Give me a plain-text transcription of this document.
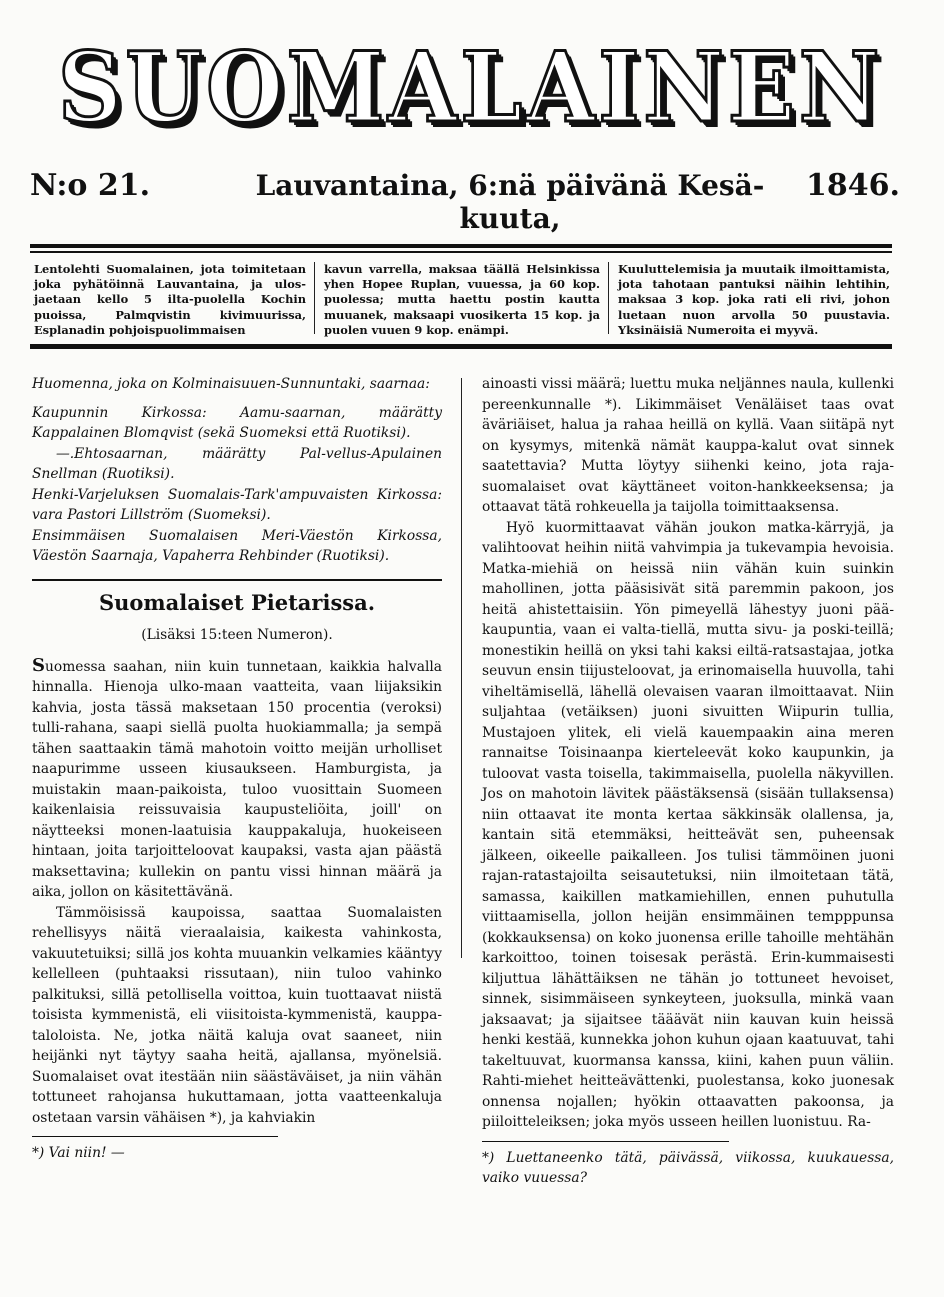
SUOMALAINEN
N:o 21.	Lauvantaina, 6:nä päivänä Kesä-kuuta,
1846.
Lentolehti Suomalainen, jota toimitetaan joka pyhätöinnä Lauvantaina, ja ulos-jaetaan kello 5 ilta-puolella Kochin puoissa, Palmqvistin kivimuurissa, Esplanadin pohjoispuolimmaisen
kavun varrella, maksaa täällä Helsinkissa yhen Hopee Ruplan, vuuessa, ja 60 kop. puolessa; mutta haettu postin kautta muuanek, maksaapi vuosikerta 15 kop. ja puolen vuuen 9 kop. enämpi.
Kuuluttelemisia ja muutaik ilmoittamista, jota tahotaan pantuksi näihin lehtihin, maksaa 3 kop. joka rati eli rivi, johon luetaan nuon arvolla 50 puustavia. Yksinäisiä Numeroita ei myyvä.

Huomenna, joka on Kolminaisuuen-Sunnuntaki, saarnaa:

Kaupunnin Kirkossa: Aamu-saarnan, määrätty Kappalainen Blomqvist (sekä Suomeksi että Ruotiksi).

—.Ehtosaarnan, määrätty Pal-vellus-Apulainen Snellman (Ruotiksi).

Henki-Varjeluksen Suomalais-Tark'ampuvaisten Kirkossa: vara Pastori Lillström (Suomeksi).

Ensimmäisen Suomalaisen Meri-Väestön Kirkossa, Väestön Saarnaja, Vapaherra Rehbinder (Ruotiksi).

Suomalaiset Pietarissa.
(Lisäksi 15:teen Numeron).

Suomessa saahan, niin kuin tunnetaan, kaikkia halvalla hinnalla. Hienoja ulko-maan vaatteita, vaan liijaksikin kahvia, josta tässä maksetaan 150 procentia (veroksi) tulli-rahana, saapi siellä puolta huokiammalla; ja sempä tähen saattaakin tämä mahotoin voitto meijän urholliset naapurimme usseen kiusaukseen. Hamburgista, ja muistakin maan-paikoista, tuloo vuosittain Suomeen kaikenlaisia reissuvaisia kaupusteliöita, joill' on näytteeksi monen-laatuisia kauppakaluja, huokeiseen hintaan, joita tarjoitteloovat kaupaksi, vasta ajan päästä maksettavina; kullekin on pantu vissi hinnan määrä ja aika, jollon on käsitettävänä.

Tämmöisissä kaupoissa, saattaa Suomalaisten rehellisyys näitä vieraalaisia, kaikesta vahinkosta, vakuutetuiksi; sillä jos kohta muuankin velkamies kääntyy kellelleen (puhtaaksi rissutaan), niin tuloo vahinko palkituksi, sillä petollisella voittoa, kuin tuottaavat niistä toisista kymmenistä, eli viisitoista-kymmenistä, kauppa-taloloista. Ne, jotka näitä kaluja ovat saaneet, niin heijänki nyt täytyy saaha heitä, ajallansa, myönelsiä. Suomalaiset ovat itestään niin säästäväiset, ja niin vähän tottuneet rahojansa hukuttamaan, jotta vaatteenkaluja ostetaan varsin vähäisen *), ja kahviakin

*) Vai niin! —

ainoasti vissi määrä; luettu muka neljännes naula, kullenki pereenkunnalle *). Likimmäiset Venäläiset taas ovat äväriäiset, halua ja rahaa heillä on kyllä. Vaan siitäpä nyt on kysymys, mitenkä nämät kauppa-kalut ovat sinnek saatettavia? Mutta löytyy siihenki keino, jota raja-suomalaiset ovat käyttäneet voiton-hankkeeksensa; ja ottaavat tätä rohkeuella ja taijolla toimittaaksensa.

Hyö kuormittaavat vähän joukon matka-kärryjä, ja valihtoovat heihin niitä vahvimpia ja tukevampia hevoisia. Matka-miehiä on heissä niin vähän kuin suinkin mahollinen, jotta pääsisivät sitä paremmin pakoon, jos heitä ahistettaisiin. Yön pimeyellä lähestyy juoni pää-kaupuntia, vaan ei valta-tiellä, mutta sivu- ja poski-teillä; monestikin heillä on yksi tahi kaksi eiltä-ratsastajaa, jotka seuvun ensin tiijusteloovat, ja erinomaisella huuvolla, tahi viheltämisellä, lähellä olevaisen vaaran ilmoittaavat. Niin suljahtaa (vetäiksen) juoni sivuitten Wiipurin tullia, Mustajoen ylitek, eli vielä kauempaakin aina meren rannaitse Toisinaanpa kierteleevät koko kaupunkin, ja tuloovat vasta toisella, takimmaisella, puolella näkyvillen. Jos on mahotoin lävitek päästäksensä (sisään tullaksensa) niin ottaavat ite monta kertaa säkkinsäk olallensa, ja, kantain sitä etemmäksi, heitteävät sen, puheensak jälkeen, oikeelle paikalleen. Jos tulisi tämmöinen juoni rajan-ratastajoilta seisautetuksi, niin ilmoitetaan tätä, samassa, kaikillen matkamiehillen, ennen puhutulla viittaamisella, jollon heijän ensimmäinen tempppunsa (kokkauksensa) on koko juonensa erille tahoille mehtähän karkoittoo, toinen toisesak perästä. Erin-kummaisesti kiljuttua lähättäiksen ne tähän jo tottuneet hevoiset, sinnek, sisimmäiseen synkeyteen, juoksulla, minkä vaan jaksaavat; ja sijaitsee tääävät niin kauvan kuin heissä henki kestää, kunnekka johon kuhun ojaan kaatuuvat, tahi takeltuuvat, kuormansa kanssa, kiini, kahen puun väliin. Rahti-miehet heitteävättenki, puolestansa, koko juonesak onnensa nojallen; hyökin ottaavatten pakoonsa, ja piiloitteleiksen; joka myös usseen heillen luonistuu. Ra-

*) Luettaneenko tätä, päivässä, viikossa, kuukauessa, vaiko vuuessa?
